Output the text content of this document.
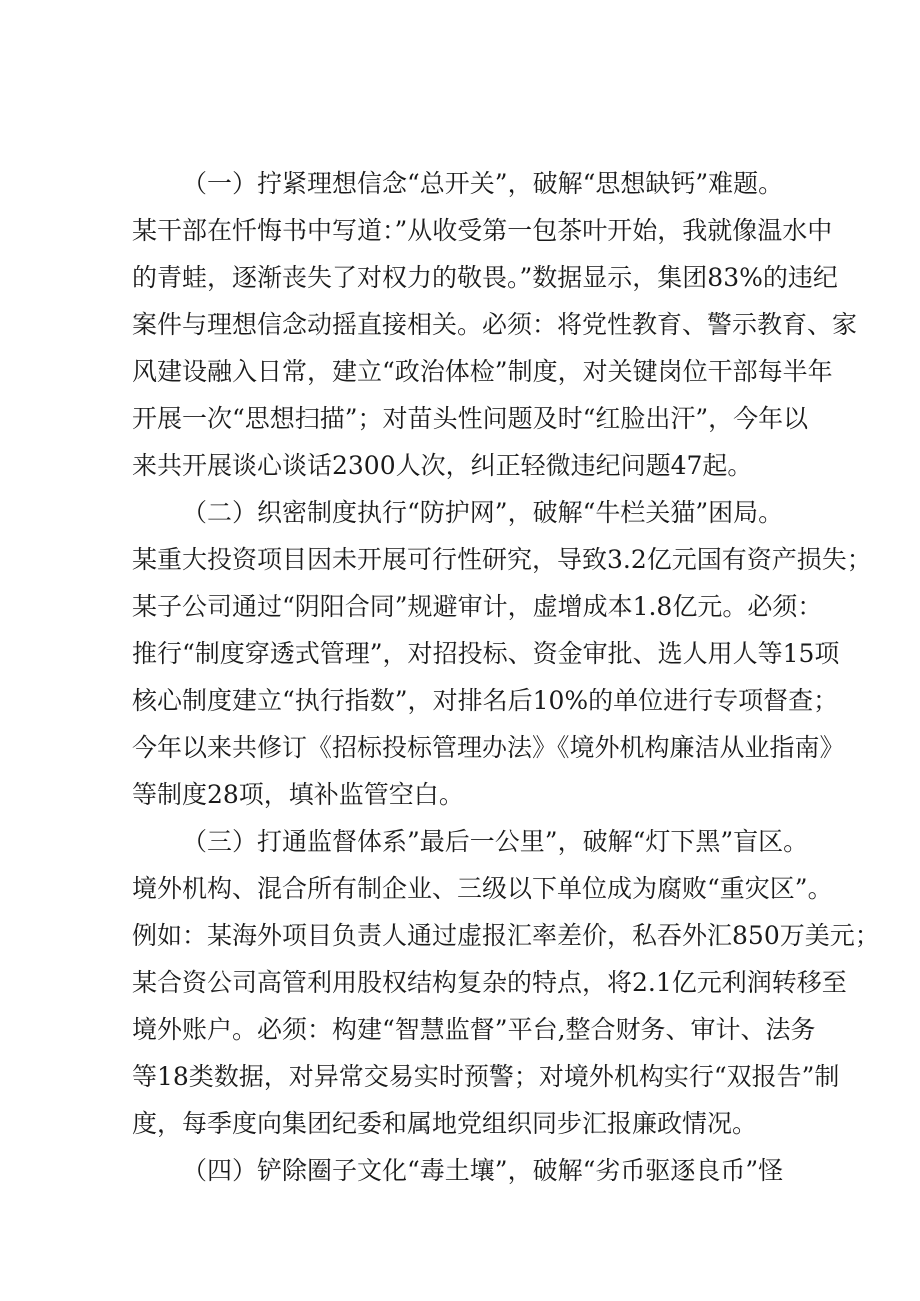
（一）拧紧理想信念“总开关”，破解“思想缺钙”难题。
某干部在忏悔书中写道：”从收受第一包茶叶开始，我就像温水中
的青蛙，逐渐丧失了对权力的敬畏。”数据显示，集团83%的违纪
案件与理想信念动摇直接相关。必须：将党性教育、警示教育、家
风建设融入日常，建立“政治体检”制度，对关键岗位干部每半年
开展一次“思想扫描”；对苗头性问题及时“红脸出汗”，今年以
来共开展谈心谈话2300人次，纠正轻微违纪问题47起。
（二）织密制度执行“防护网”，破解“牛栏关猫”困局。
某重大投资项目因未开展可行性研究，导致3.2亿元国有资产损失；
某子公司通过“阴阳合同”规避审计，虚增成本1.8亿元。必须：
推行“制度穿透式管理”，对招投标、资金审批、选人用人等15项
核心制度建立“执行指数”，对排名后10%的单位进行专项督查；
今年以来共修订《招标投标管理办法》《境外机构廉洁从业指南》
等制度28项，填补监管空白。
（三）打通监督体系”最后一公里”，破解“灯下黑”盲区。
境外机构、混合所有制企业、三级以下单位成为腐败“重灾区”。
例如：某海外项目负责人通过虚报汇率差价，私吞外汇850万美元；
某合资公司高管利用股权结构复杂的特点，将2.1亿元利润转移至
境外账户。必须：构建“智慧监督”平台,整合财务、审计、法务
等18类数据，对异常交易实时预警；对境外机构实行“双报告”制
度，每季度向集团纪委和属地党组织同步汇报廉政情况。
（四）铲除圈子文化“毒土壤”，破解“劣币驱逐良币”怪
